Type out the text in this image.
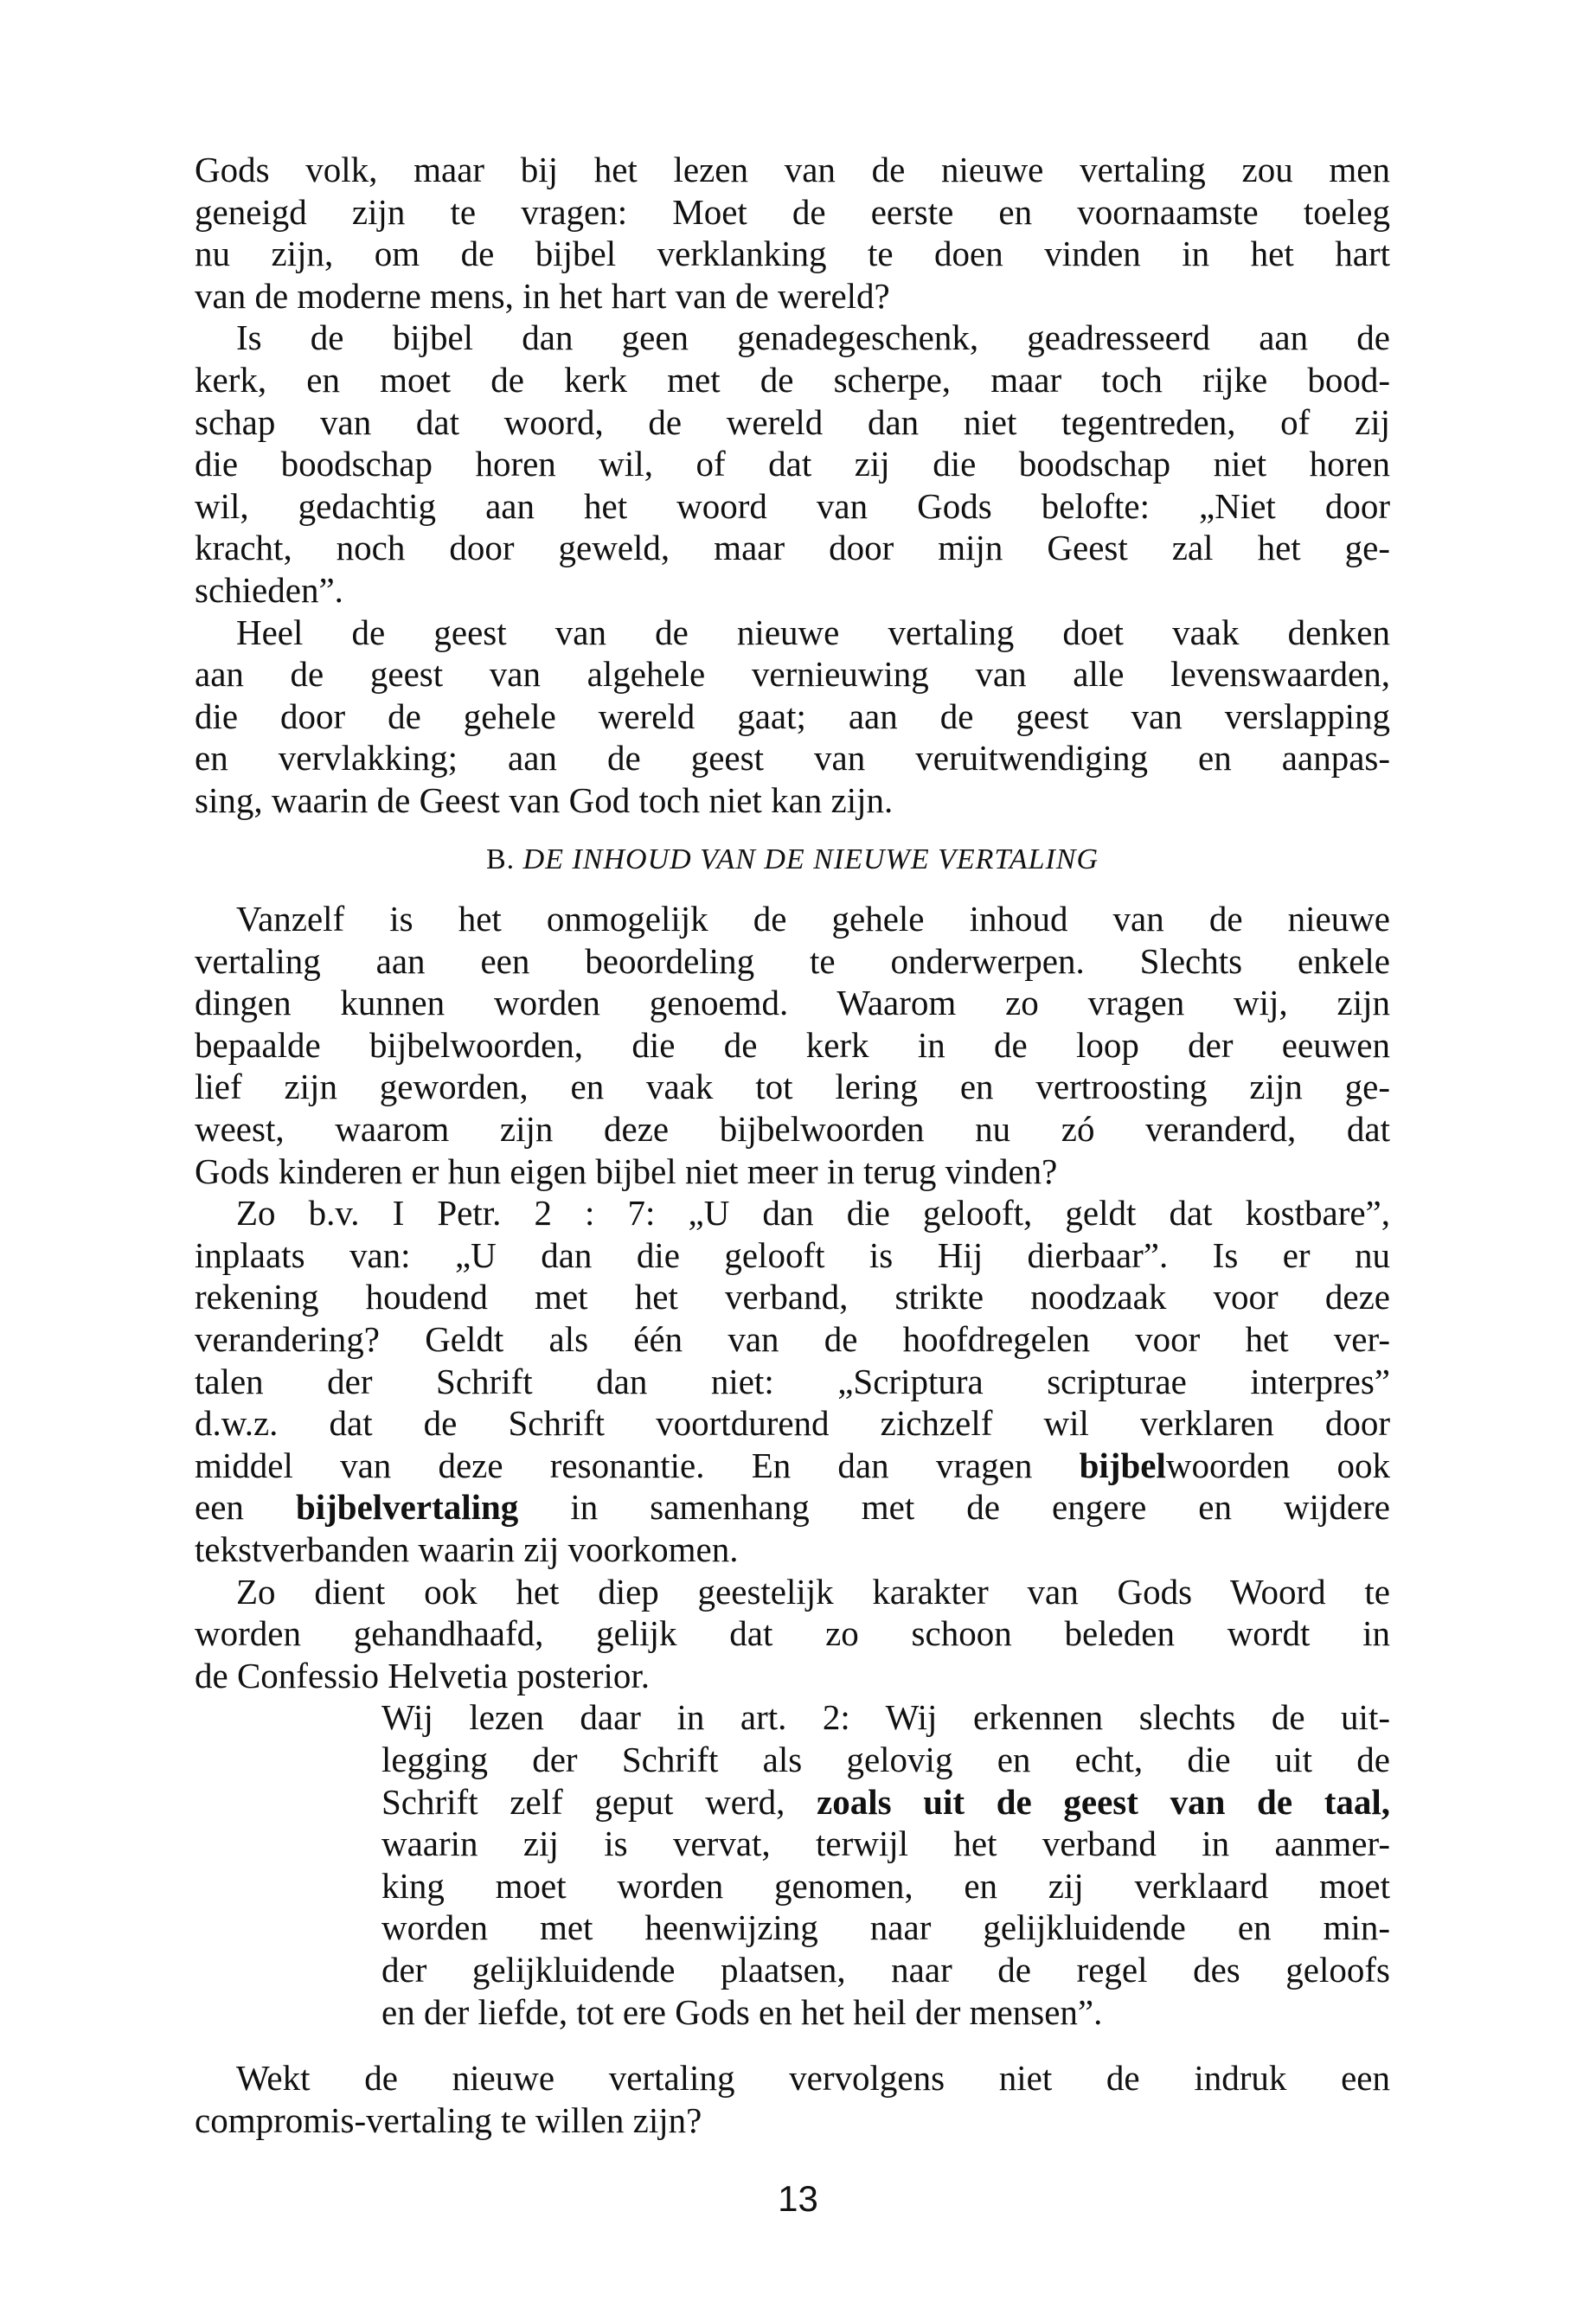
Gods volk, maar bij het lezen van de nieuwe vertaling zou men
geneigd zijn te vragen: Moet de eerste en voornaamste toeleg
nu zijn, om de bijbel verklanking te doen vinden in het hart
van de moderne mens, in het hart van de wereld?
Is de bijbel dan geen genadegeschenk, geadresseerd aan de
kerk, en moet de kerk met de scherpe, maar toch rijke bood-
schap van dat woord, de wereld dan niet tegentreden, of zij
die boodschap horen wil, of dat zij die boodschap niet horen
wil, gedachtig aan het woord van Gods belofte: „Niet door
kracht, noch door geweld, maar door mijn Geest zal het ge-
schieden”.
Heel de geest van de nieuwe vertaling doet vaak denken
aan de geest van algehele vernieuwing van alle levenswaarden,
die door de gehele wereld gaat; aan de geest van verslapping
en vervlakking; aan de geest van veruitwendiging en aanpas-
sing, waarin de Geest van God toch niet kan zijn.
B. DE INHOUD VAN DE NIEUWE VERTALING
Vanzelf is het onmogelijk de gehele inhoud van de nieuwe
vertaling aan een beoordeling te onderwerpen. Slechts enkele
dingen kunnen worden genoemd. Waarom zo vragen wij, zijn
bepaalde bijbelwoorden, die de kerk in de loop der eeuwen
lief zijn geworden, en vaak tot lering en vertroosting zijn ge-
weest, waarom zijn deze bijbelwoorden nu zó veranderd, dat
Gods kinderen er hun eigen bijbel niet meer in terug vinden?
Zo b.v. I Petr. 2 : 7: „U dan die gelooft, geldt dat kostbare”,
inplaats van: „U dan die gelooft is Hij dierbaar”. Is er nu
rekening houdend met het verband, strikte noodzaak voor deze
verandering? Geldt als één van de hoofdregelen voor het ver-
talen der Schrift dan niet: „Scriptura scripturae interpres”
d.w.z. dat de Schrift voortdurend zichzelf wil verklaren door
middel van deze resonantie. En dan vragen bijbelwoorden ook
een bijbelvertaling in samenhang met de engere en wijdere
tekstverbanden waarin zij voorkomen.
Zo dient ook het diep geestelijk karakter van Gods Woord te
worden gehandhaafd, gelijk dat zo schoon beleden wordt in
de Confessio Helvetia posterior.
Wij lezen daar in art. 2: Wij erkennen slechts de uit-
legging der Schrift als gelovig en echt, die uit de
Schrift zelf geput werd, zoals uit de geest van de taal,
waarin zij is vervat, terwijl het verband in aanmer-
king moet worden genomen, en zij verklaard moet
worden met heenwijzing naar gelijkluidende en min-
der gelijkluidende plaatsen, naar de regel des geloofs
en der liefde, tot ere Gods en het heil der mensen”.
Wekt de nieuwe vertaling vervolgens niet de indruk een
compromis-vertaling te willen zijn?
13
